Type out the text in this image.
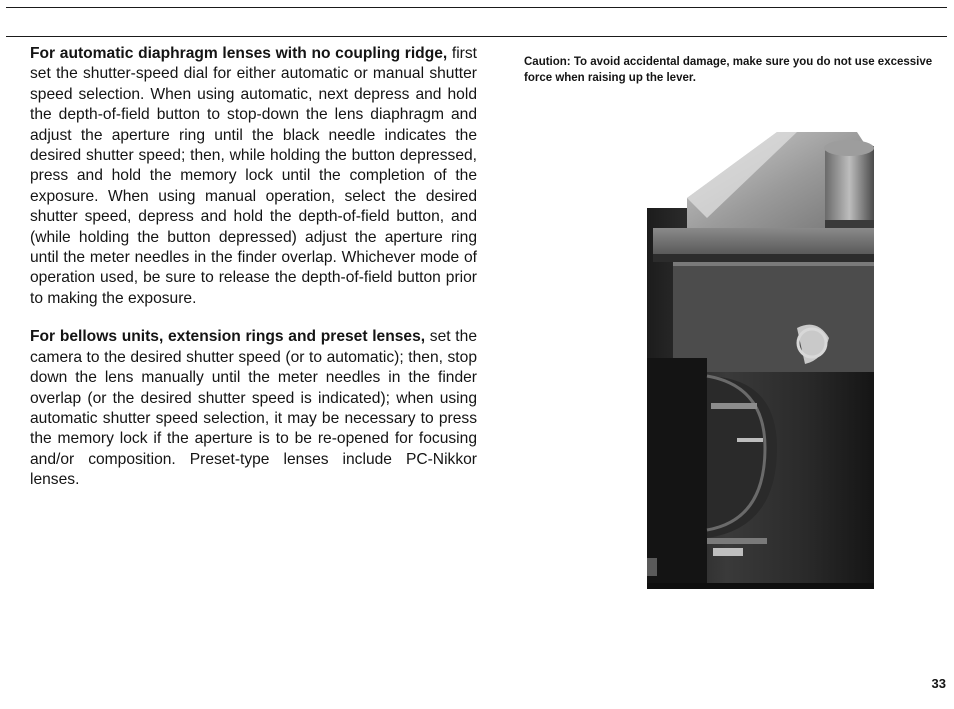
For automatic diaphragm lenses with no coupling ridge, first set the shutter-speed dial for either automatic or manual shutter speed selection. When using automatic, next depress and hold the depth-of-field button to stop-down the lens diaphragm and adjust the aperture ring until the black needle indicates the desired shutter speed; then, while holding the button depressed, press and hold the memory lock until the completion of the exposure. When using manual operation, select the desired shutter speed, depress and hold the depth-of-field button, and (while holding the button depressed) adjust the aperture ring until the meter needles in the finder overlap. Whichever mode of operation used, be sure to release the depth-of-field button prior to making the exposure.

For bellows units, extension rings and preset lenses, set the camera to the desired shutter speed (or to automatic); then, stop down the lens manually until the meter needles in the finder overlap (or the desired shutter speed is indicated); when using automatic shutter speed selection, it may be necessary to press the memory lock if the aperture is to be re-opened for focusing and/or composition. Preset-type lenses include PC-Nikkor lenses.

Caution: To avoid accidental damage, make sure you do not use excessive force when raising up the lever.
33
